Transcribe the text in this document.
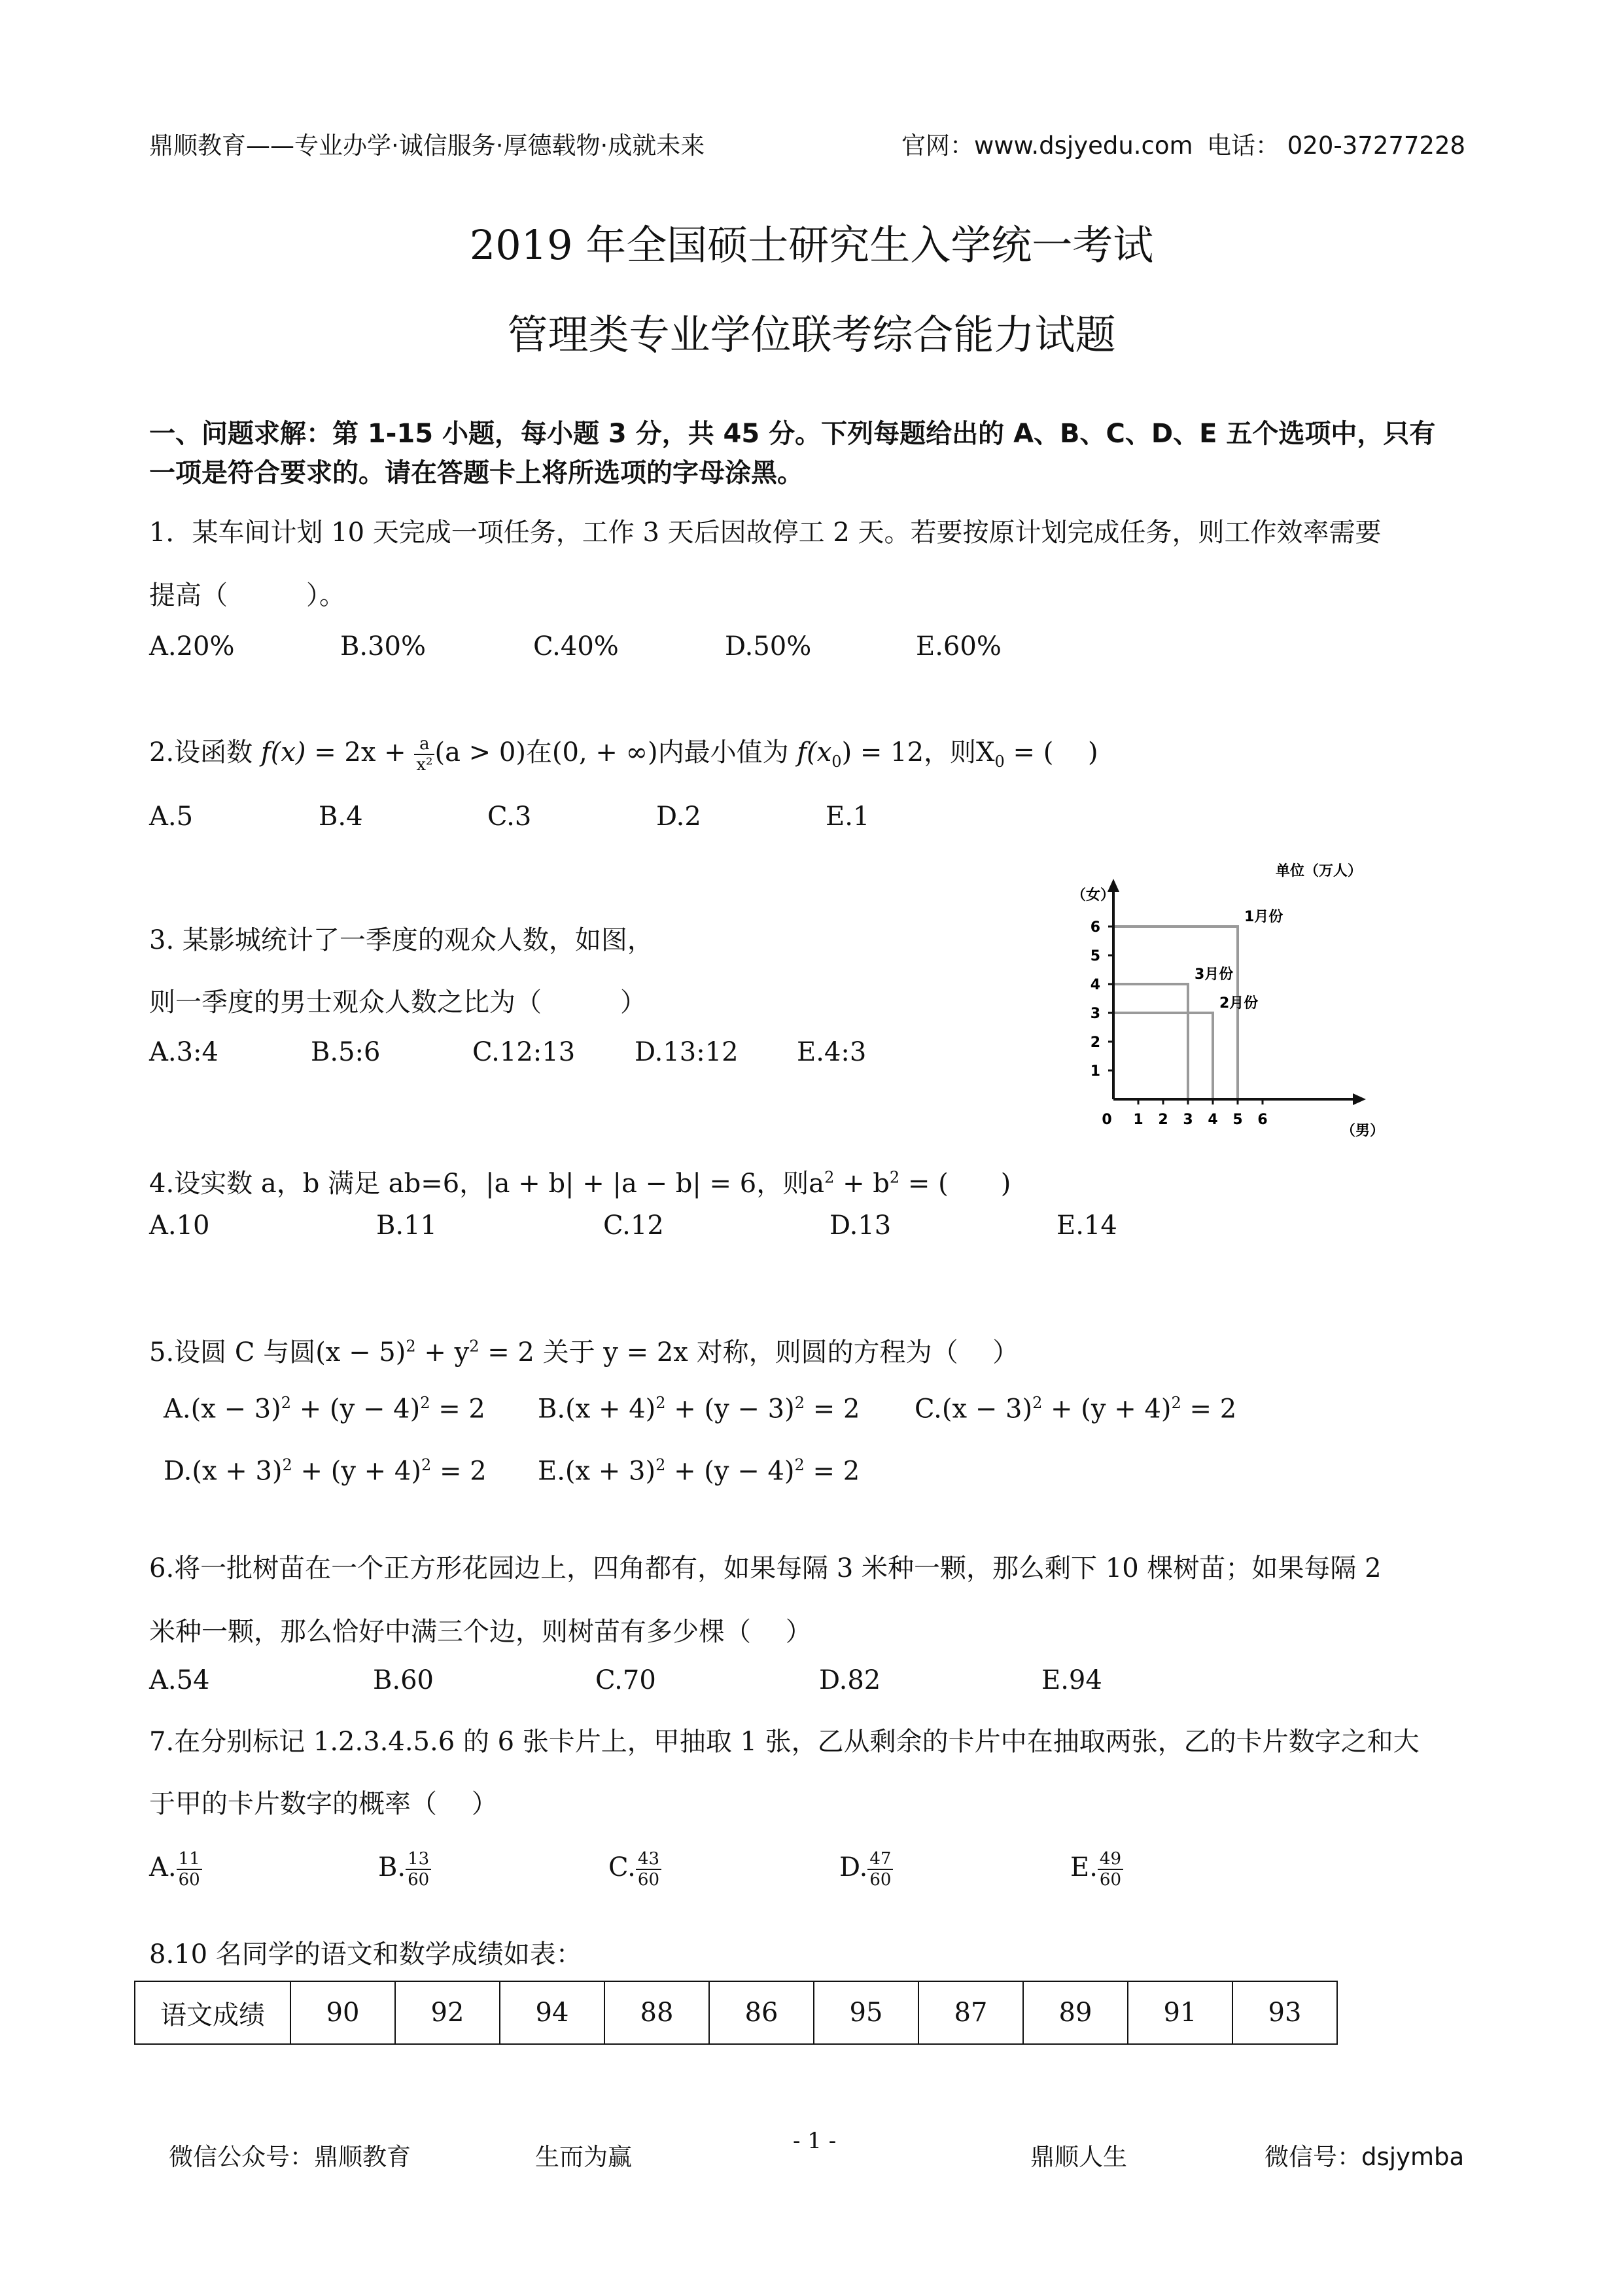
鼎顺教育——专业办学·诚信服务·厚德载物·成就未来	官网：www.dsjyedu.com 电话： 020-37277228
2019 年全国硕士研究生入学统一考试
管理类专业学位联考综合能力试题
一、问题求解：第 1-15 小题，每小题 3 分，共 45 分。下列每题给出的 A、B、C、D、E 五个选项中，只有
一项是符合要求的。请在答题卡上将所选项的字母涂黑。
1．某车间计划 10 天完成一项任务，工作 3 天后因故停工 2 天。若要按原计划完成任务，则工作效率需要
提高（　　　）。
A.20%	B.30%	C.40%	D.50%	E.60%
2.设函数 $f(x) = 2x + \frac{a}{\text{x²}} (a > 0)$在(0, + ∞)内最小值为 $f(x_0) = 12$，则$X_0$ = (　 )
A.5	B.4	C.3	D.2	E.1
3. 某影城统计了一季度的观众人数，如图，
则一季度的男士观众人数之比为（　　　）
A.3:4	B.5:6	C.12:13 D.13:12 E.4:3
1
2
3
4
5
6
0 1 2 3 4 5 6
1月份
2月份
3月份
（女）
（男）
单位（万人）
4.设实数 a，b 满足 ab=6，|a + b| + |a − b| = 6，则$a^2 + b^2$ = (　　)
A.10	B.11	C.12	D.13	E.14
5.设圆 C 与圆$(x - 5)^2 + y^2 = 2$ 关于 y = 2x 对称，则圆的方程为（　 ）
$A.(x - 3)^2 + (y - 4)^2 = 2$ $B.(x + 4)^2 + (y - 3)^2 = 2$ $C.(x - 3)^2 + (y + 4)^2 = 2$
$D.(x + 3)^2 + (y + 4)^2 = 2$ $E.(x + 3)^2 + (y - 4)^2 = 2$
6.将一批树苗在一个正方形花园边上，四角都有，如果每隔 3 米种一颗，那么剩下 10 棵树苗；如果每隔 2
米种一颗，那么恰好中满三个边，则树苗有多少棵（　 ）
A.54	B.60	C.70	D.82	E.94
7.在分别标记 1.2.3.4.5.6 的 6 张卡片上，甲抽取 1 张，乙从剩余的卡片中在抽取两张，乙的卡片数字之和大
于甲的卡片数字的概率（　 ）
A. $\frac{11}{60}$	B. $\frac{13}{60}$	C. $\frac{43}{60}$	D. $\frac{47}{60}$	E. $\frac{49}{60}$
8.10 名同学的语文和数学成绩如表：
语文成绩	90	92	94	88	86	95	87	89	91	93
微信公众号：鼎顺教育	生而为赢
- 1 -
鼎顺人生	微信号：dsjymba
